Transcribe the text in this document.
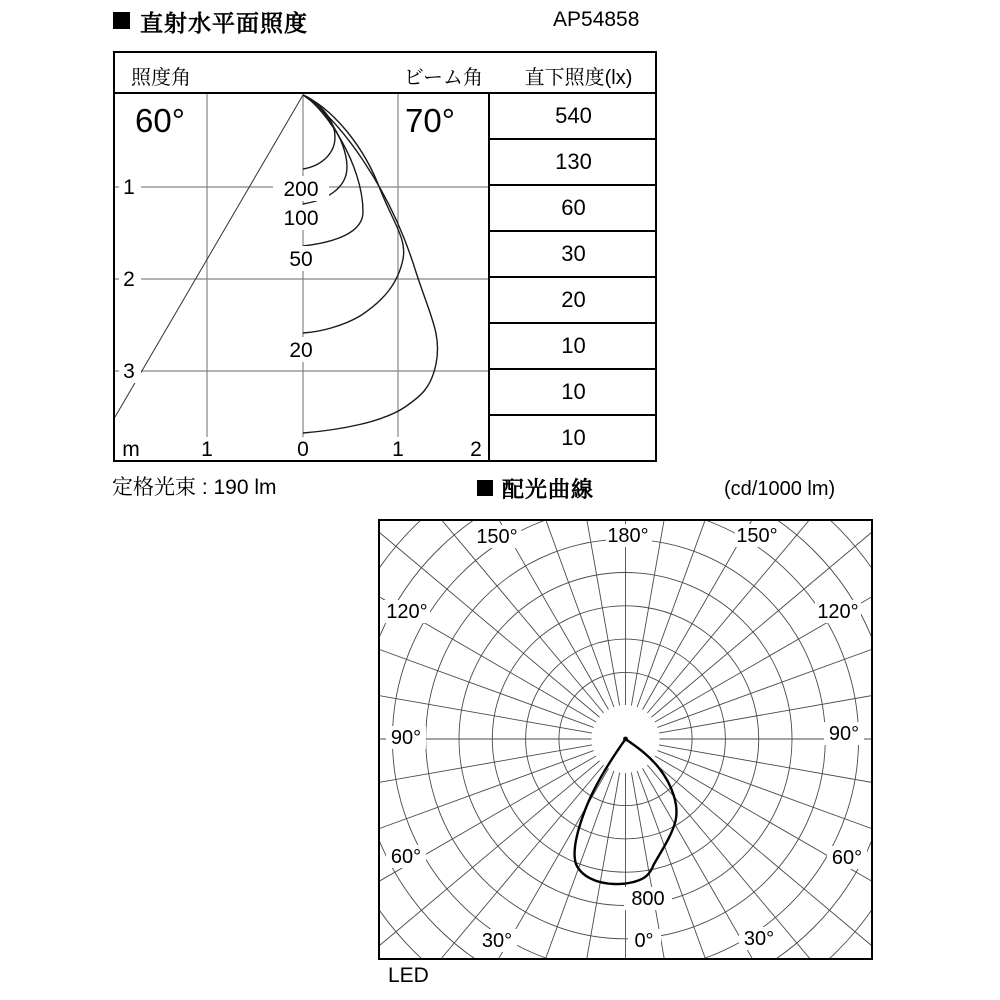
直射水平面照度	AP54858
照度角	ビーム角	直下照度(lx)
60°	70°
200
100
50
20
1
2
3
m	1	0	1	2
540
130
60
30
20
10
10
10
定格光束 : 190 lm	配光曲線	(cd/1000 lm)
180°
150°	150°
120°	120°
90°	90°
60°	60°
30°	30°
0°
800
LED
